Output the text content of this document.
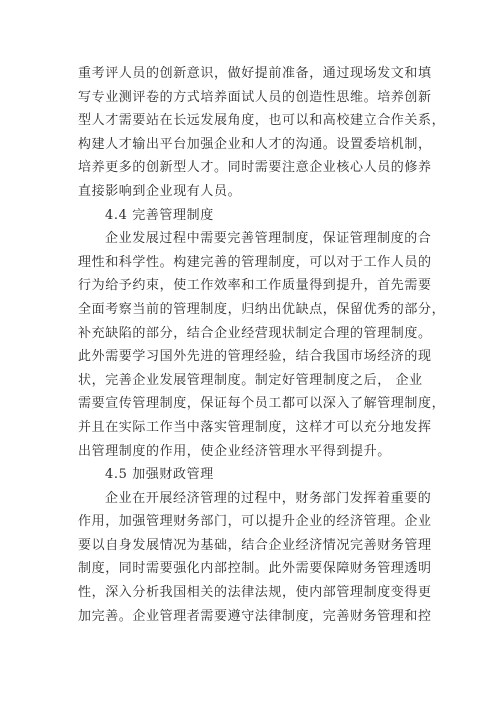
重考评人员的创新意识，做好提前准备，通过现场发文和填
写专业测评卷的方式培养面试人员的创造性思维。培养创新
型人才需要站在长远发展角度，也可以和高校建立合作关系，
构建人才输出平台加强企业和人才的沟通。设置委培机制，
培养更多的创新型人才。同时需要注意企业核心人员的修养
直接影响到企业现有人员。
4.4 完善管理制度
企业发展过程中需要完善管理制度，保证管理制度的合
理性和科学性。构建完善的管理制度，可以对于工作人员的
行为给予约束，使工作效率和工作质量得到提升，首先需要
全面考察当前的管理制度，归纳出优缺点，保留优秀的部分，
补充缺陷的部分，结合企业经营现状制定合理的管理制度。
此外需要学习国外先进的管理经验，结合我国市场经济的现
状，完善企业发展管理制度。制定好管理制度之后， 企业
需要宣传管理制度，保证每个员工都可以深入了解管理制度，
并且在实际工作当中落实管理制度，这样才可以充分地发挥
出管理制度的作用，使企业经济管理水平得到提升。
4.5 加强财政管理
企业在开展经济管理的过程中，财务部门发挥着重要的
作用，加强管理财务部门，可以提升企业的经济管理。企业
要以自身发展情况为基础，结合企业经济情况完善财务管理
制度，同时需要强化内部控制。此外需要保障财务管理透明
性，深入分析我国相关的法律法规，使内部管理制度变得更
加完善。企业管理者需要遵守法律制度，完善财务管理和控
